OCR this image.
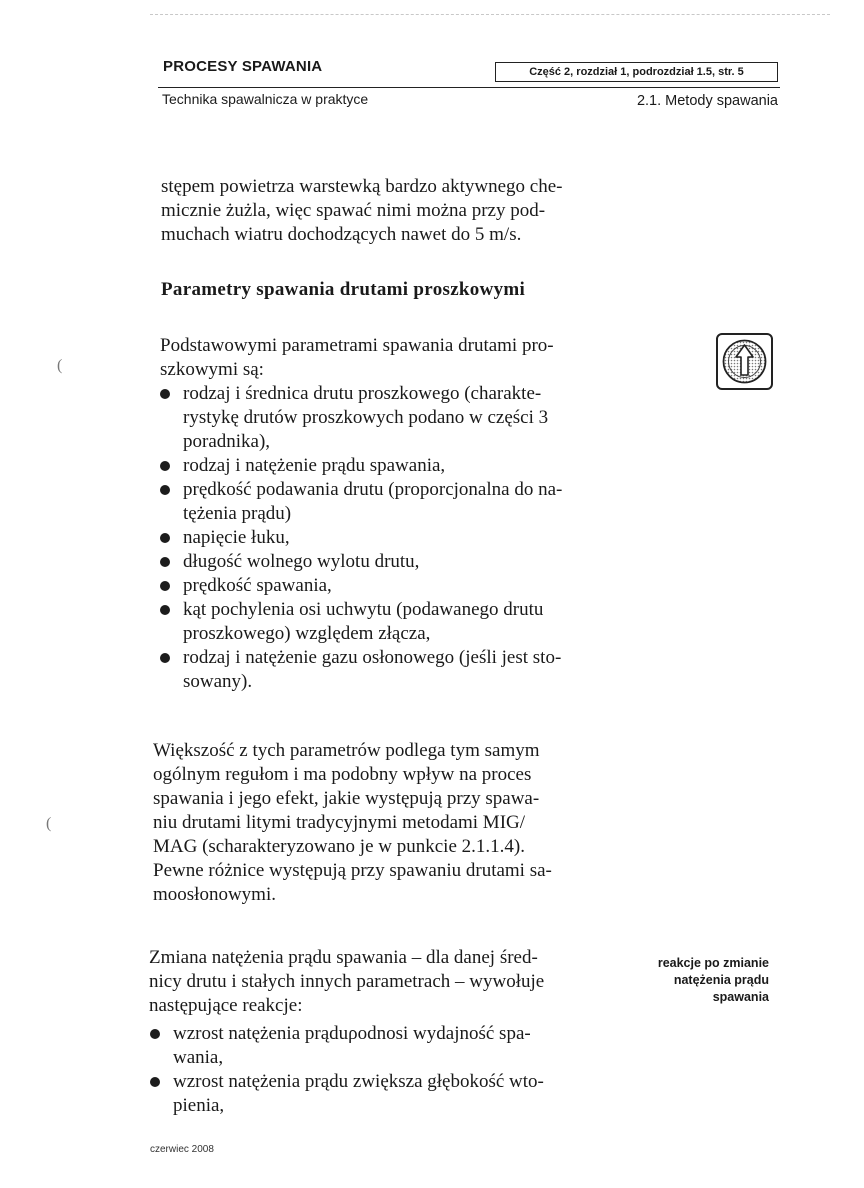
PROCESY SPAWANIA	Część 2, rozdział 1, podrozdział 1.5, str. 5
Technika spawalnicza w praktyce	2.1. Metody spawania
(
(
stępem powietrza warstewką bardzo aktywnego che-
micznie żużla, więc spawać nimi można przy pod-
muchach wiatru dochodzących nawet do 5 m/s.
Parametry spawania drutami proszkowymi
Podstawowymi parametrami spawania drutami pro-
szkowymi są:
rodzaj i średnica drutu proszkowego (charakte-
rystykę drutów proszkowych podano w części 3
poradnika),
rodzaj i natężenie prądu spawania,
prędkość podawania drutu (proporcjonalna do na-
tężenia prądu)
napięcie łuku,
długość wolnego wylotu drutu,
prędkość spawania,
kąt pochylenia osi uchwytu (podawanego drutu
proszkowego) względem złącza,
rodzaj i natężenie gazu osłonowego (jeśli jest sto-
sowany).
Większość z tych parametrów podlega tym samym
ogólnym regułom i ma podobny wpływ na proces
spawania i jego efekt, jakie występują przy spawa-
niu drutami litymi tradycyjnymi metodami MIG/
MAG (scharakteryzowano je w punkcie 2.1.1.4).
Pewne różnice występują przy spawaniu drutami sa-
moosłonowymi.
Zmiana natężenia prądu spawania – dla danej śred-
nicy drutu i stałych innych parametrach – wywołuje
następujące reakcje:
reakcje po zmianie
natężenia prądu
spawania
wzrost natężenia prąduρodnosi wydajność spa-
wania,
wzrost natężenia prądu zwiększa głębokość wto-
pienia,
czerwiec 2008
